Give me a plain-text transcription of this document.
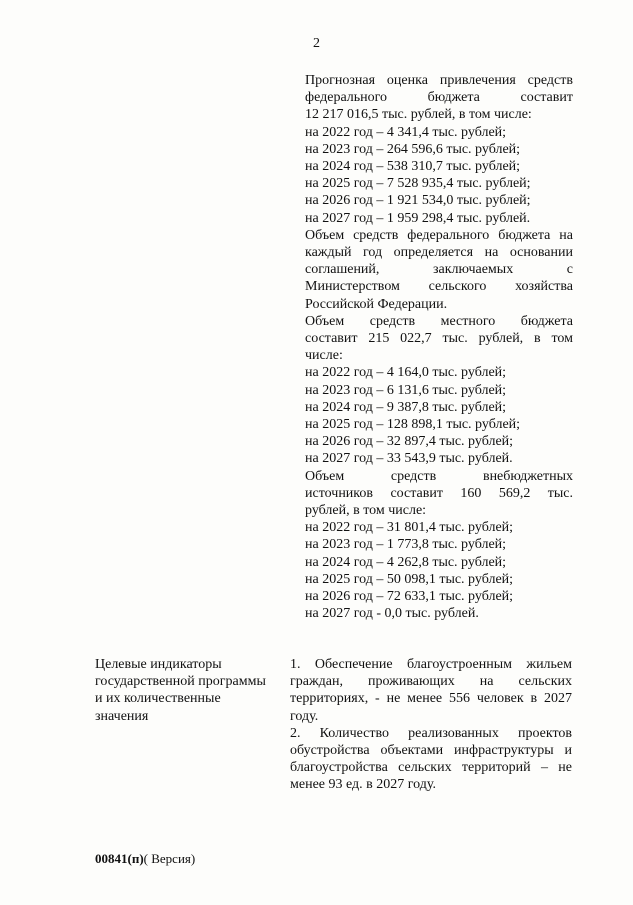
2

Прогнозная оценка привлечения средств

федерального бюджета составит

12 217 016,5 тыс. рублей, в том числе:

на 2022 год – 4 341,4 тыс. рублей;

на 2023 год – 264 596,6 тыс. рублей;

на 2024 год – 538 310,7 тыс. рублей;

на 2025 год – 7 528 935,4 тыс. рублей;

на 2026 год – 1 921 534,0 тыс. рублей;

на 2027 год – 1 959 298,4 тыс. рублей.

Объем средств федерального бюджета на

каждый год определяется на основании

соглашений, заключаемых с

Министерством сельского хозяйства

Российской Федерации.

Объем средств местного бюджета

составит 215 022,7 тыс. рублей, в том

числе:

на 2022 год – 4 164,0 тыс. рублей;

на 2023 год – 6 131,6 тыс. рублей;

на 2024 год – 9 387,8 тыс. рублей;

на 2025 год – 128 898,1 тыс. рублей;

на 2026 год – 32 897,4 тыс. рублей;

на 2027 год – 33 543,9 тыс. рублей.

Объем средств внебюджетных

источников составит 160 569,2 тыс.

рублей, в том числе:

на 2022 год – 31 801,4 тыс. рублей;

на 2023 год – 1 773,8 тыс. рублей;

на 2024 год – 4 262,8 тыс. рублей;

на 2025 год – 50 098,1 тыс. рублей;

на 2026 год – 72 633,1 тыс. рублей;

на 2027 год - 0,0 тыс. рублей.

Целевые индикаторы

государственной программы

и их количественные

значения

1. Обеспечение благоустроенным жильем

граждан, проживающих на сельских

территориях, - не менее 556 человек в 2027

году.

2. Количество реализованных проектов

обустройства объектами инфраструктуры и

благоустройства сельских территорий – не

менее 93 ед. в 2027 году.

00841(п)( Версия)
